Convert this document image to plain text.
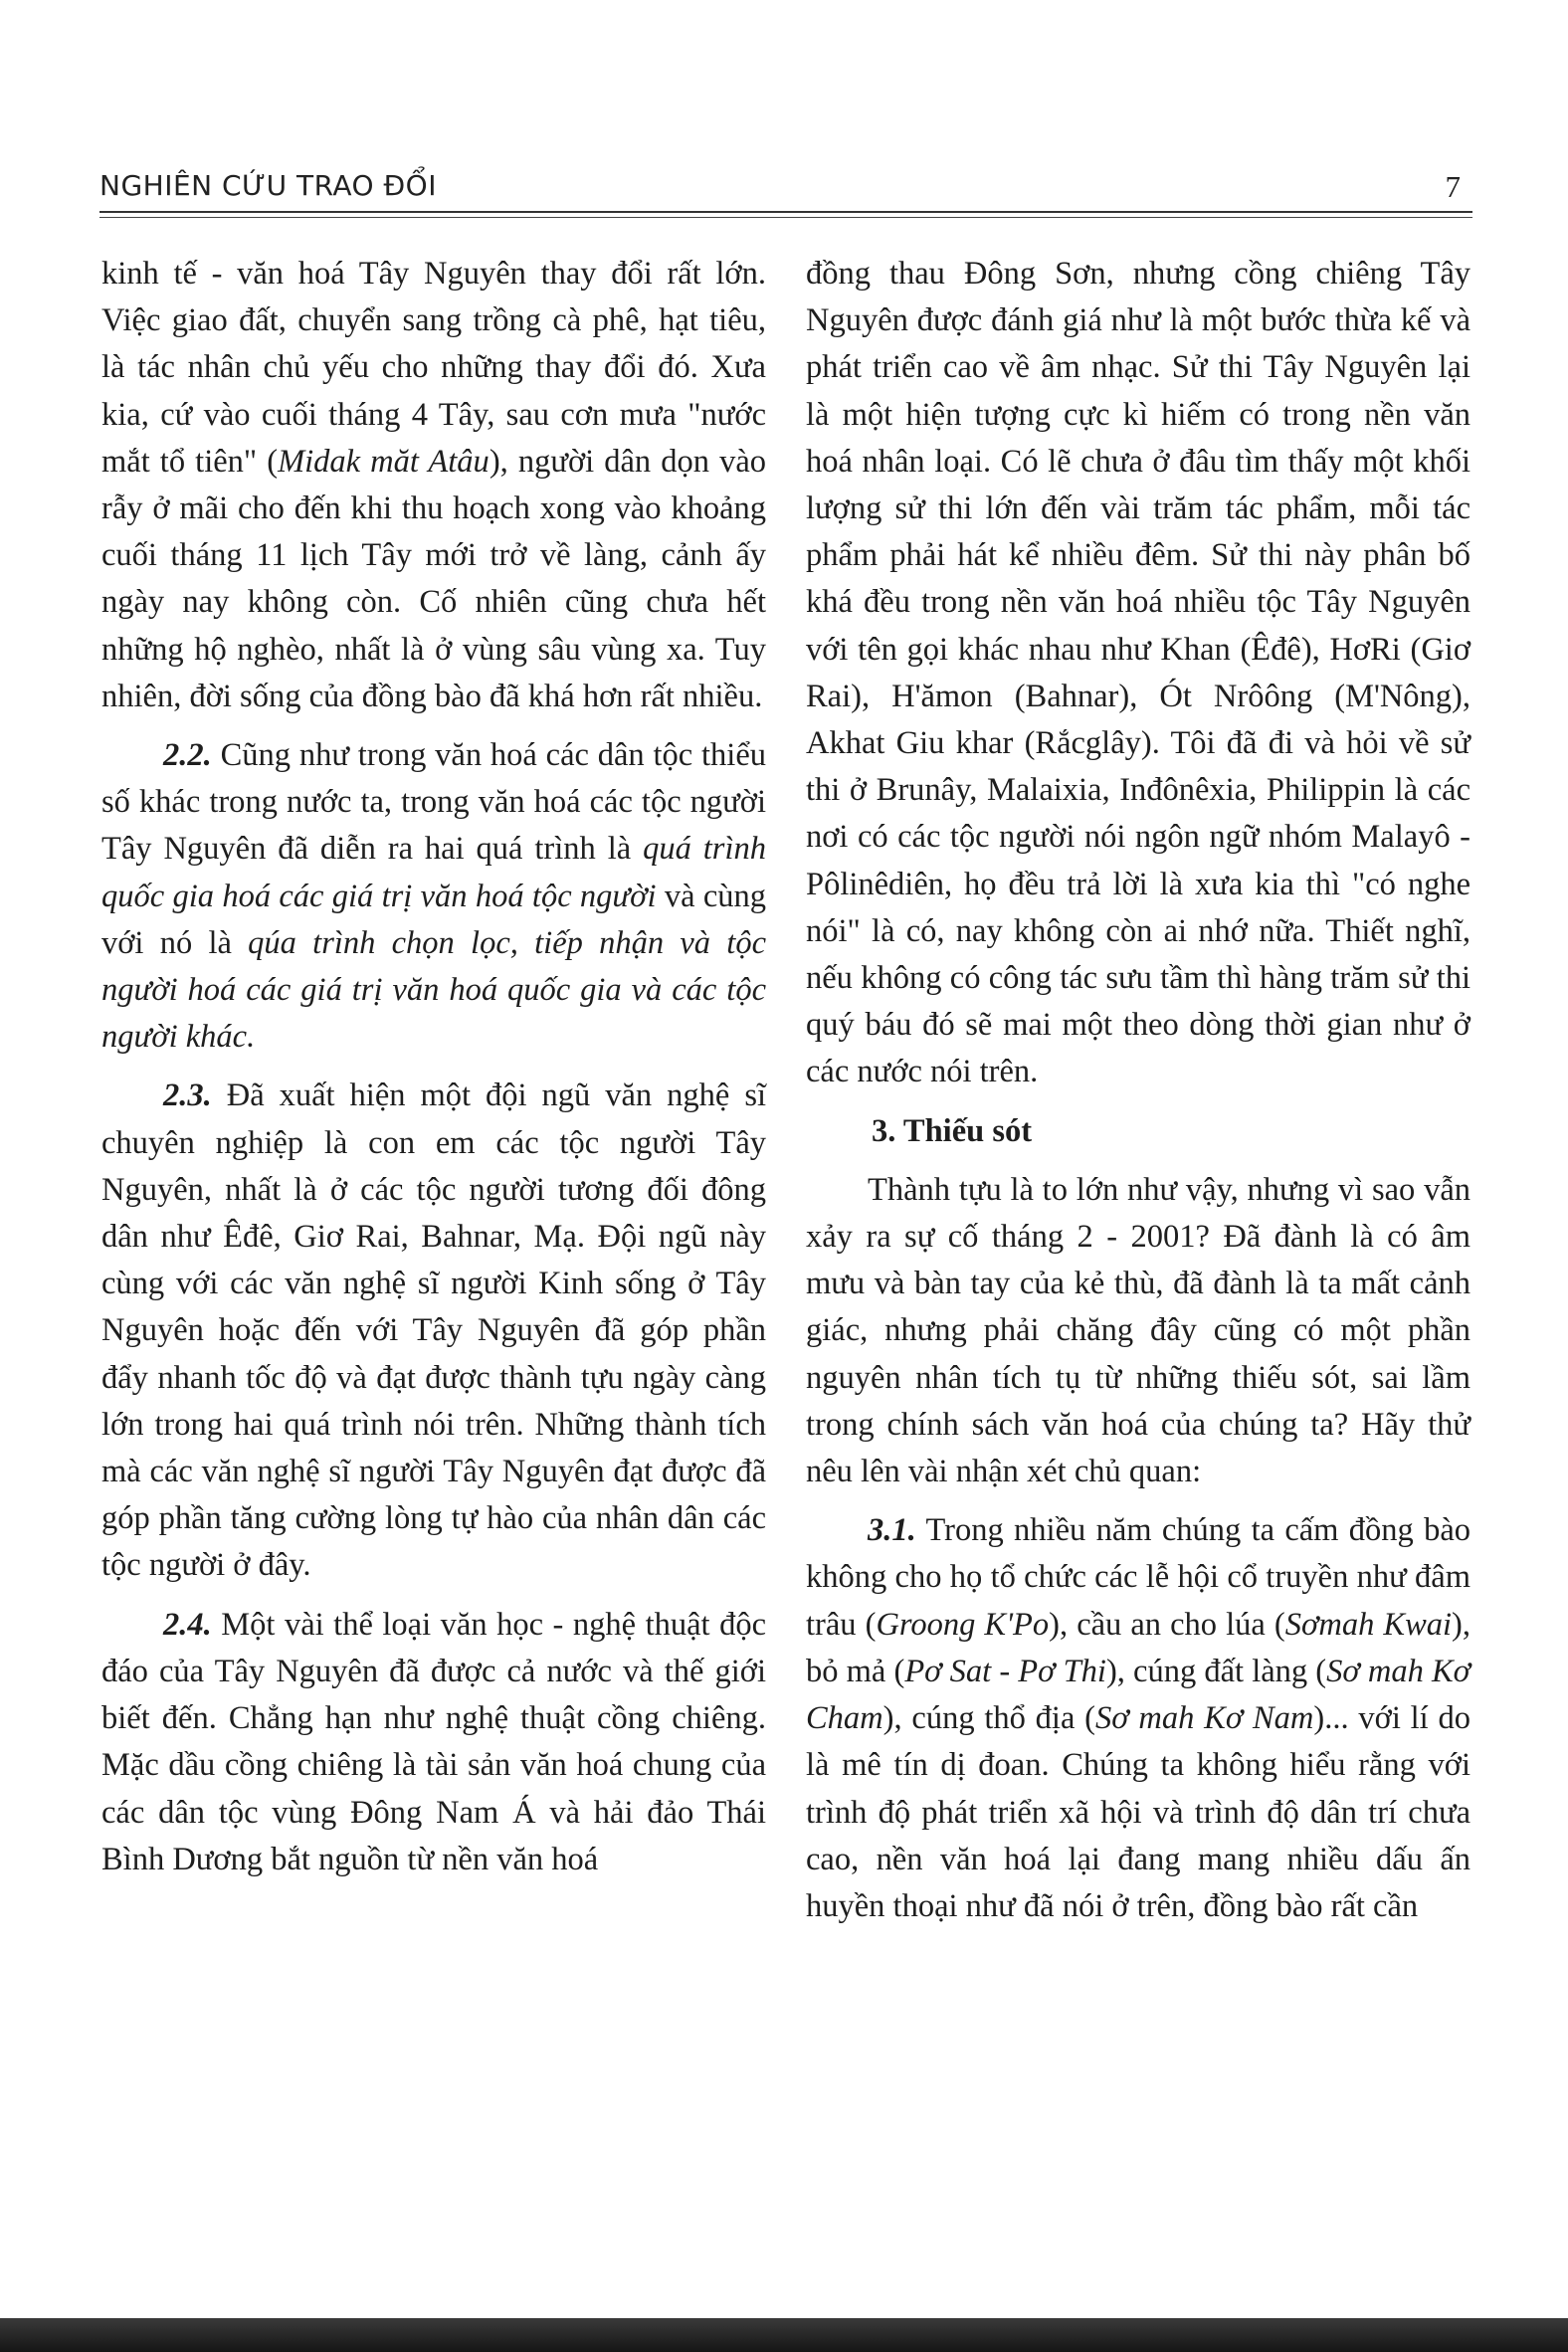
NGHIÊN CỨU TRAO ĐỔI	7

kinh tế - văn hoá Tây Nguyên thay đổi rất lớn. Việc giao đất, chuyển sang trồng cà phê, hạt tiêu, là tác nhân chủ yếu cho những thay đổi đó. Xưa kia, cứ vào cuối tháng 4 Tây, sau cơn mưa "nước mắt tổ tiên" (Midak măt Atâu), người dân dọn vào rẫy ở mãi cho đến khi thu hoạch xong vào khoảng cuối tháng 11 lịch Tây mới trở về làng, cảnh ấy ngày nay không còn. Cố nhiên cũng chưa hết những hộ nghèo, nhất là ở vùng sâu vùng xa. Tuy nhiên, đời sống của đồng bào đã khá hơn rất nhiều.

2.2. Cũng như trong văn hoá các dân tộc thiểu số khác trong nước ta, trong văn hoá các tộc người Tây Nguyên đã diễn ra hai quá trình là quá trình quốc gia hoá các giá trị văn hoá tộc người và cùng với nó là qúa trình chọn lọc, tiếp nhận và tộc người hoá các giá trị văn hoá quốc gia và các tộc người khác.

2.3. Đã xuất hiện một đội ngũ văn nghệ sĩ chuyên nghiệp là con em các tộc người Tây Nguyên, nhất là ở các tộc người tương đối đông dân như Êđê, Giơ Rai, Bahnar, Mạ. Đội ngũ này cùng với các văn nghệ sĩ người Kinh sống ở Tây Nguyên hoặc đến với Tây Nguyên đã góp phần đẩy nhanh tốc độ và đạt được thành tựu ngày càng lớn trong hai quá trình nói trên. Những thành tích mà các văn nghệ sĩ người Tây Nguyên đạt được đã góp phần tăng cường lòng tự hào của nhân dân các tộc người ở đây.

2.4. Một vài thể loại văn học - nghệ thuật độc đáo của Tây Nguyên đã được cả nước và thế giới biết đến. Chẳng hạn như nghệ thuật cồng chiêng. Mặc dầu cồng chiêng là tài sản văn hoá chung của các dân tộc vùng Đông Nam Á và hải đảo Thái Bình Dương bắt nguồn từ nền văn hoá

đồng thau Đông Sơn, nhưng cồng chiêng Tây Nguyên được đánh giá như là một bước thừa kế và phát triển cao về âm nhạc. Sử thi Tây Nguyên lại là một hiện tượng cực kì hiếm có trong nền văn hoá nhân loại. Có lẽ chưa ở đâu tìm thấy một khối lượng sử thi lớn đến vài trăm tác phẩm, mỗi tác phẩm phải hát kể nhiều đêm. Sử thi này phân bố khá đều trong nền văn hoá nhiều tộc Tây Nguyên với tên gọi khác nhau như Khan (Êđê), HơRi (Giơ Rai), H'ămon (Bahnar), Ót Nrôông (M'Nông), Akhat Giu khar (Rắcglây). Tôi đã đi và hỏi về sử thi ở Brunây, Malaixia, Inđônêxia, Philippin là các nơi có các tộc người nói ngôn ngữ nhóm Malayô - Pôlinêdiên, họ đều trả lời là xưa kia thì "có nghe nói" là có, nay không còn ai nhớ nữa. Thiết nghĩ, nếu không có công tác sưu tầm thì hàng trăm sử thi quý báu đó sẽ mai một theo dòng thời gian như ở các nước nói trên.

3. Thiếu sót

Thành tựu là to lớn như vậy, nhưng vì sao vẫn xảy ra sự cố tháng 2 - 2001? Đã đành là có âm mưu và bàn tay của kẻ thù, đã đành là ta mất cảnh giác, nhưng phải chăng đây cũng có một phần nguyên nhân tích tụ từ những thiếu sót, sai lầm trong chính sách văn hoá của chúng ta? Hãy thử nêu lên vài nhận xét chủ quan:

3.1. Trong nhiều năm chúng ta cấm đồng bào không cho họ tổ chức các lễ hội cổ truyền như đâm trâu (Groong K'Po), cầu an cho lúa (Sơmah Kwai), bỏ mả (Pơ Sat - Pơ Thi), cúng đất làng (Sơ mah Kơ Cham), cúng thổ địa (Sơ mah Kơ Nam)... với lí do là mê tín dị đoan. Chúng ta không hiểu rằng với trình độ phát triển xã hội và trình độ dân trí chưa cao, nền văn hoá lại đang mang nhiều dấu ấn huyền thoại như đã nói ở trên, đồng bào rất cần
